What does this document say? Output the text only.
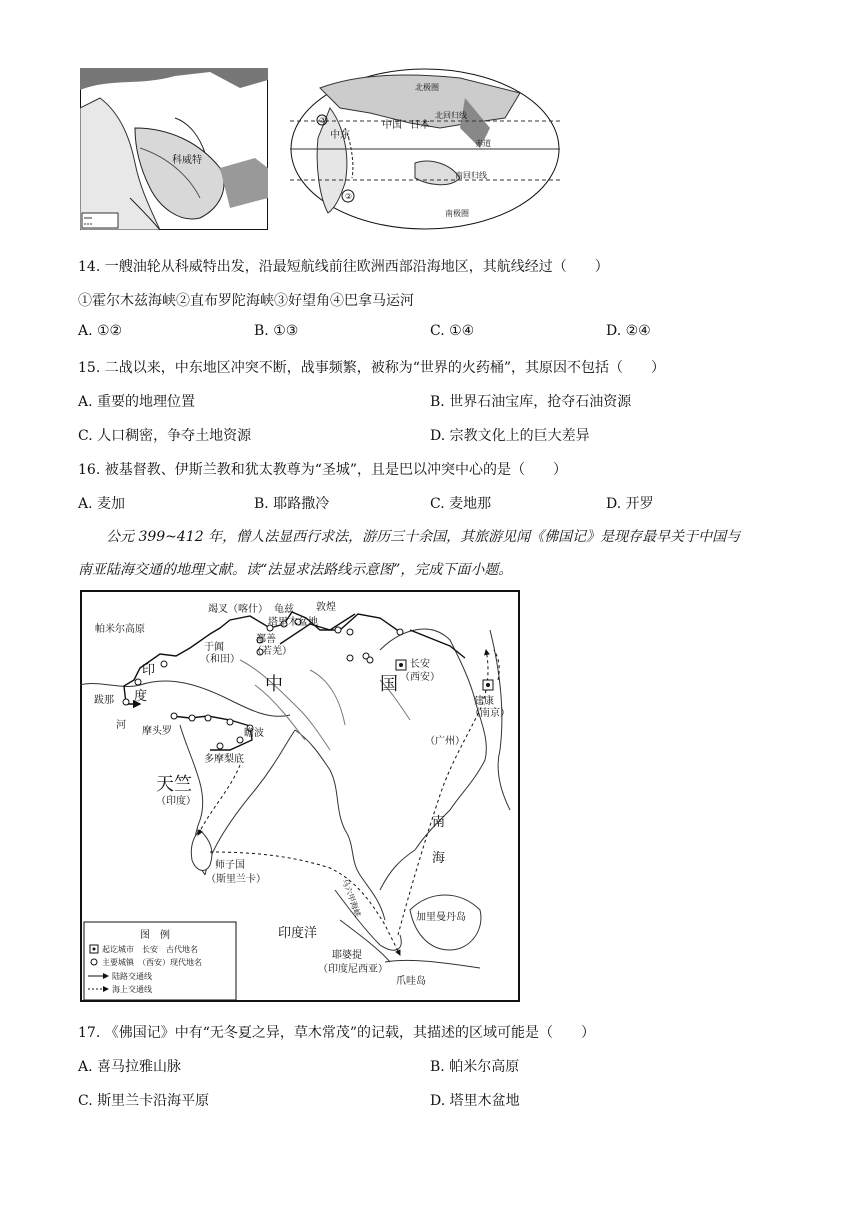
科威特
③
②
中东
中国 日本
北极圈
北回归线
赤道
南回归线
南极圈
14. 一艘油轮从科威特出发，沿最短航线前往欧洲西部沿海地区，其航线经过（　　）
①霍尔木兹海峡②直布罗陀海峡③好望角④巴拿马运河
A. ①②	B. ①③	C. ①④	D. ②④
15. 二战以来，中东地区冲突不断，战事频繁，被称为“世界的火药桶”，其原因不包括（　　）
A. 重要的地理位置	B. 世界石油宝库，抢夺石油资源
C. 人口稠密，争夺土地资源	D. 宗教文化上的巨大差异
16. 被基督教、伊斯兰教和犹太教尊为“圣城”，且是巴以冲突中心的是（　　）
A. 麦加	B. 耶路撒冷	C. 麦地那	D. 开罗
公元 399~412 年，僧人法显西行求法，游历三十余国，其旅游见闻《佛国记》是现存最早关于中国与
南亚陆海交通的地理文献。读“法显求法路线示意图”，完成下面小题。
竭叉（喀什） 龟兹
塔里木盆地
敦煌
帕米尔高原
于阗
（和田）
鄯善
（若羌）
印
度
中	国
长安
（西安）
建康
（南京）
（广州）
跋那
河
摩头罗	瞻波
多摩梨底
天竺
（印度）
南
海
师子国
（斯里兰卡）
印度洋
加里曼丹岛
耶婆提
（印度尼西亚）
爪哇岛
马六甲海峡
图　例
起讫城市　长安　古代地名
主要城镇　（西安）现代地名
陆路交通线
海上交通线
17. 《佛国记》中有“无冬夏之异，草木常茂”的记载，其描述的区域可能是（　　）
A. 喜马拉雅山脉	B. 帕米尔高原
C. 斯里兰卡沿海平原	D. 塔里木盆地
